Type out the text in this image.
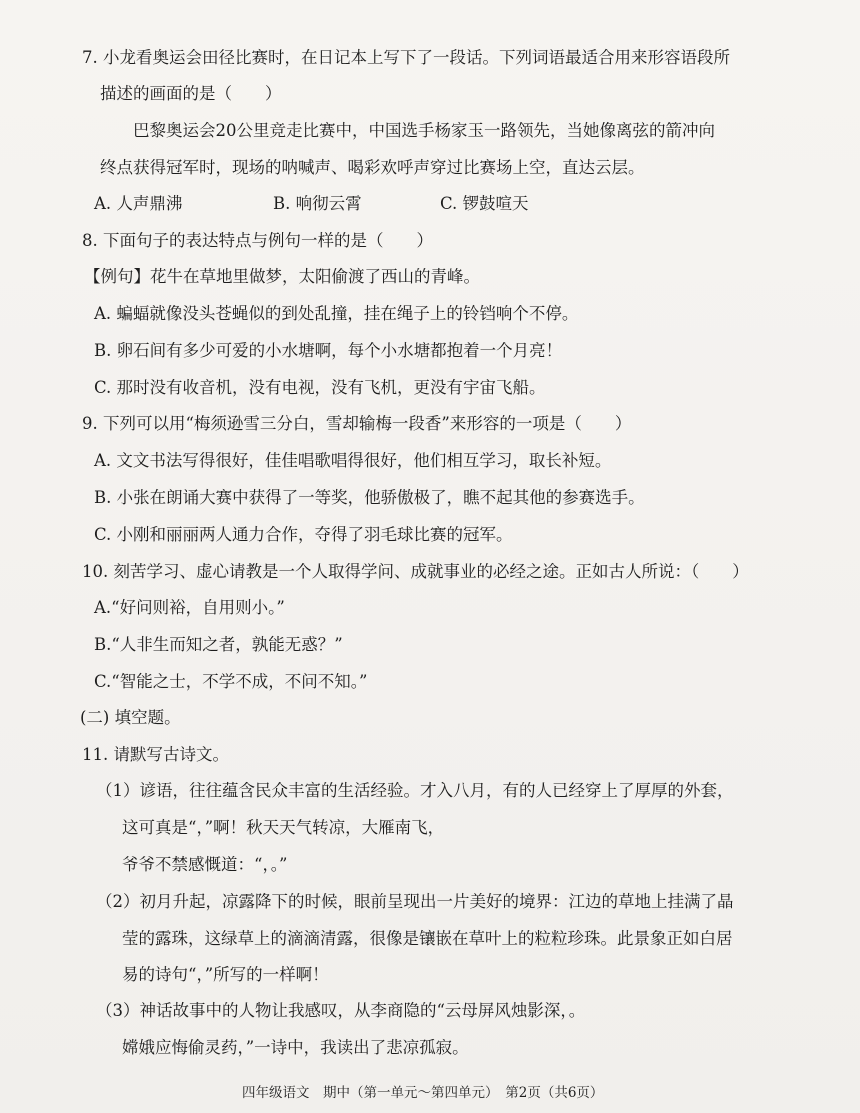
7. 小龙看奥运会田径比赛时，在日记本上写下了一段话。下列词语最适合用来形容语段所
描述的画面的是（　　）
巴黎奥运会20公里竞走比赛中，中国选手杨家玉一路领先，当她像离弦的箭冲向
终点获得冠军时，现场的呐喊声、喝彩欢呼声穿过比赛场上空，直达云层。
A. 人声鼎沸	B. 响彻云霄	C. 锣鼓喧天
8. 下面句子的表达特点与例句一样的是（　　）
【例句】花牛在草地里做梦，太阳偷渡了西山的青峰。
A. 蝙蝠就像没头苍蝇似的到处乱撞，挂在绳子上的铃铛响个不停。
B. 卵石间有多少可爱的小水塘啊，每个小水塘都抱着一个月亮！
C. 那时没有收音机，没有电视，没有飞机，更没有宇宙飞船。
9. 下列可以用“梅须逊雪三分白，雪却输梅一段香”来形容的一项是（　　）
A. 文文书法写得很好，佳佳唱歌唱得很好，他们相互学习，取长补短。
B. 小张在朗诵大赛中获得了一等奖，他骄傲极了，瞧不起其他的参赛选手。
C. 小刚和丽丽两人通力合作，夺得了羽毛球比赛的冠军。
10. 刻苦学习、虚心请教是一个人取得学问、成就事业的必经之途。正如古人所说：（　　）
A.“好问则裕，自用则小。”
B.“人非生而知之者，孰能无惑？”
C.“智能之士，不学不成，不问不知。”
(二) 填空题。
11. 请默写古诗文。
（1）谚语，往往蕴含民众丰富的生活经验。才入八月，有的人已经穿上了厚厚的外套，
这可真是“，”啊！秋天天气转凉，大雁南飞，
爷爷不禁感慨道：“，。”
（2）初月升起，凉露降下的时候，眼前呈现出一片美好的境界：江边的草地上挂满了晶
莹的露珠，这绿草上的滴滴清露，很像是镶嵌在草叶上的粒粒珍珠。此景象正如白居
易的诗句“，”所写的一样啊！
（3）神话故事中的人物让我感叹，从李商隐的“云母屏风烛影深，。
嫦娥应悔偷灵药，”一诗中，我读出了悲凉孤寂。
四年级语文　期中（第一单元～第四单元）　第2页（共6页）
